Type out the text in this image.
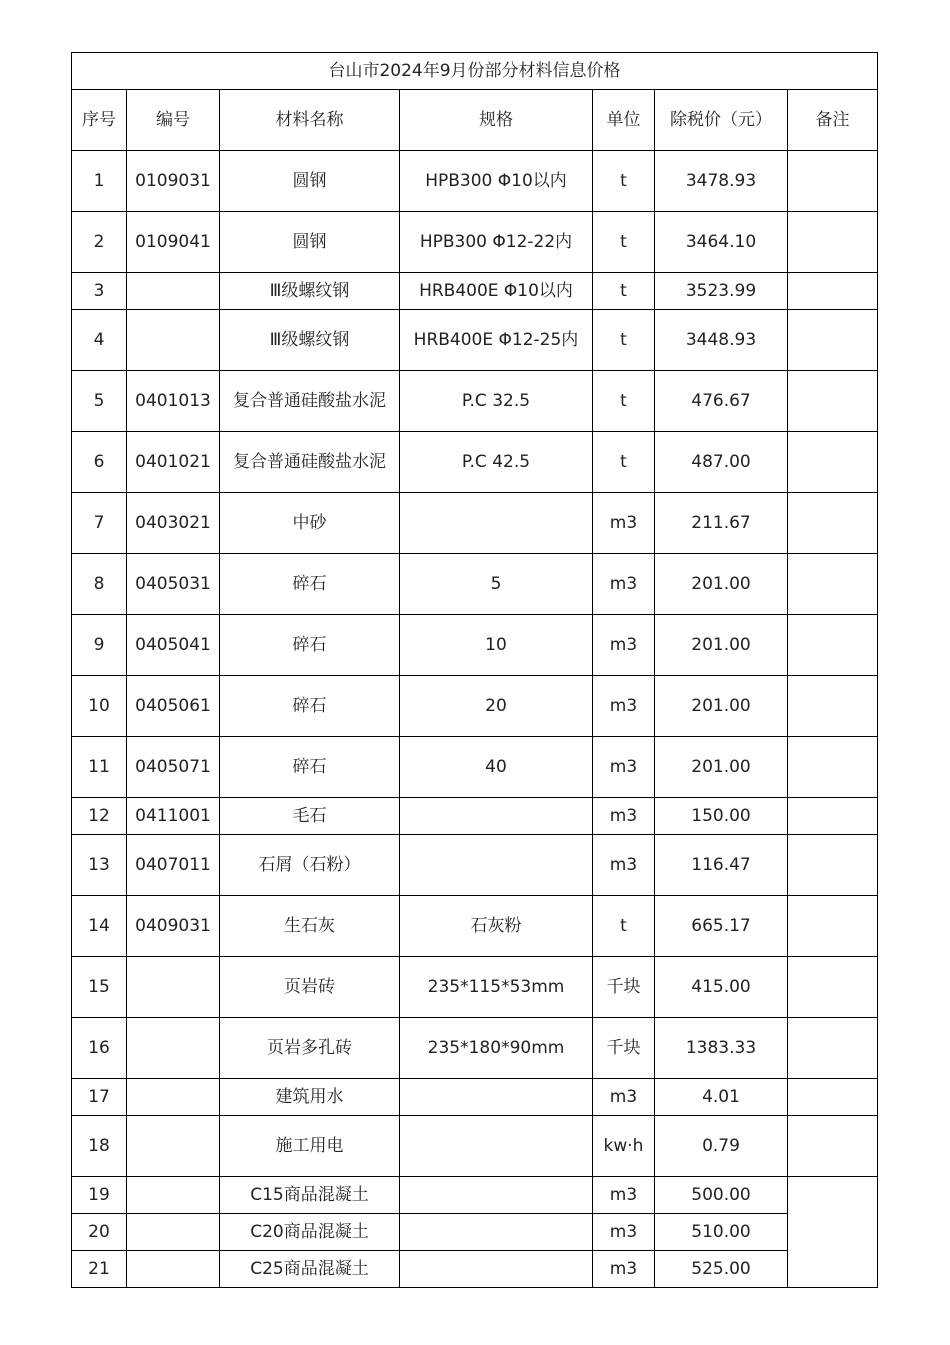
台山市2024年9月份部分材料信息价格						
序号	编号	材料名称	规格	单位	除税价（元）	备注
1	0109031	圆钢	HPB300 Φ10以内	t	3478.93	
2	0109041	圆钢	HPB300 Φ12-22内	t	3464.10	
3		Ⅲ级螺纹钢	HRB400E Φ10以内	t	3523.99	
4		Ⅲ级螺纹钢	HRB400E Φ12-25内	t	3448.93	
5	0401013	复合普通硅酸盐水泥	P.C 32.5	t	476.67	
6	0401021	复合普通硅酸盐水泥	P.C 42.5	t	487.00	
7	0403021	中砂		m3	211.67	
8	0405031	碎石	5	m3	201.00	
9	0405041	碎石	10	m3	201.00	
10	0405061	碎石	20	m3	201.00	
11	0405071	碎石	40	m3	201.00	
12	0411001	毛石		m3	150.00	
13	0407011	石屑（石粉）		m3	116.47	
14	0409031	生石灰	石灰粉	t	665.17	
15		页岩砖	235*115*53mm	千块	415.00	
16		页岩多孔砖	235*180*90mm	千块	1383.33	
17		建筑用水		m3	4.01	
18		施工用电		kw·h	0.79	
19		C15商品混凝土		m3	500.00	
20		C20商品混凝土		m3	510.00	
21		C25商品混凝土		m3	525.00	
